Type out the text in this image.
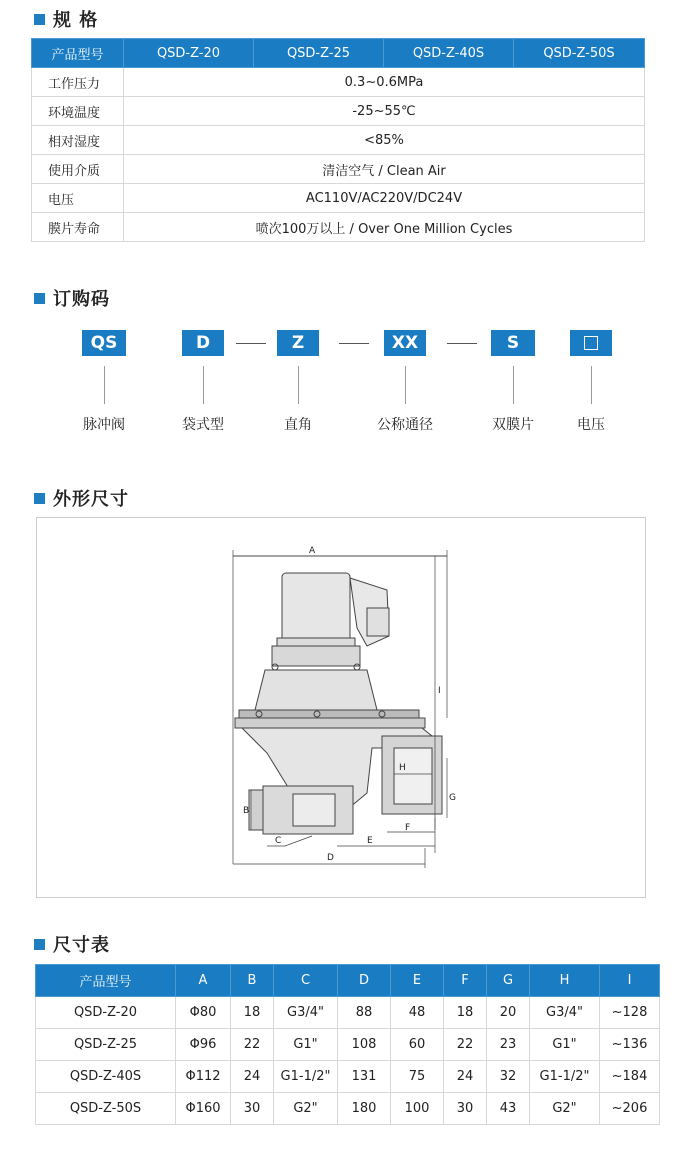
规 格
产品型号	QSD-Z-20	QSD-Z-25	QSD-Z-40S	QSD-Z-50S
工作压力	0.3~0.6MPa			
环境温度	-25~55℃			
相对湿度	<85%			
使用介质	清洁空气 / Clean Air			
电压	AC110V/AC220V/DC24V			
膜片寿命	喷次100万以上 / Over One Million Cycles			
订购码
QS	D	Z	XX	S
脉冲阀	袋式型	直角	公称通径	双膜片	电压
外形尺寸
A
B
C
D
E
F
G
H
I
尺寸表
产品型号	A	B	C	D	E	F	G	H	I
QSD-Z-20	Φ80	18	G3/4"	88	48	18	20	G3/4"	~128
QSD-Z-25	Φ96	22	G1"	108	60	22	23	G1"	~136
QSD-Z-40S	Φ112	24	G1-1/2"	131	75	24	32	G1-1/2"	~184
QSD-Z-50S	Φ160	30	G2"	180	100	30	43	G2"	~206
